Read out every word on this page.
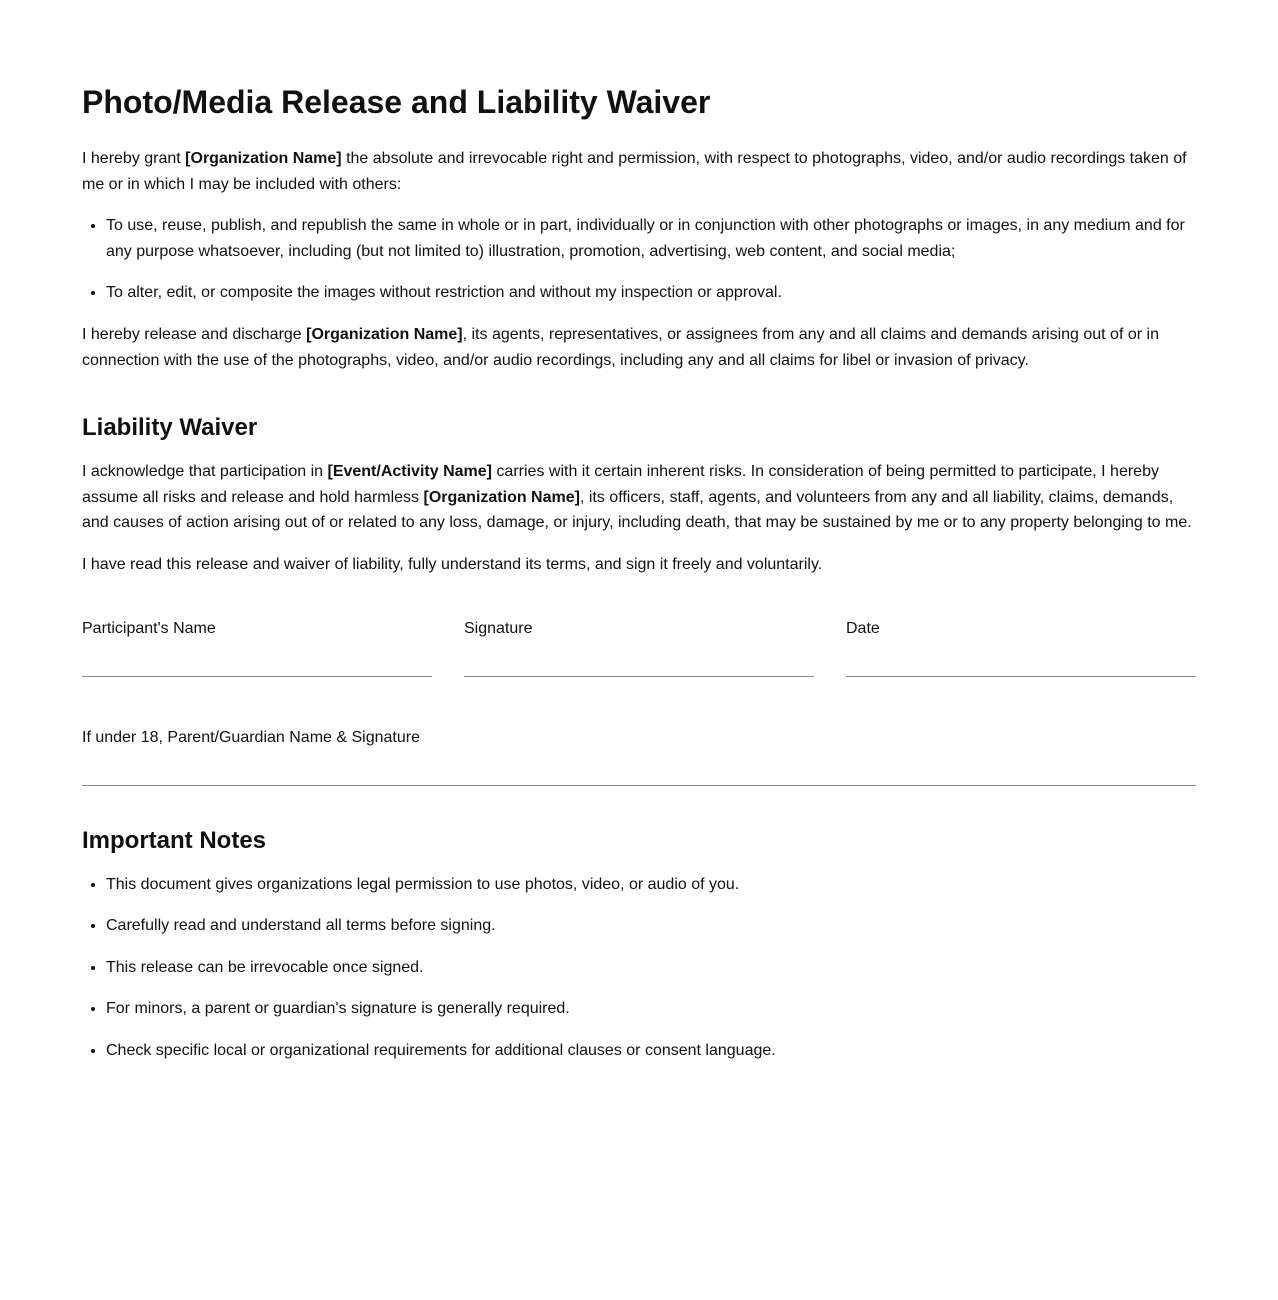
Photo/Media Release and Liability Waiver

I hereby grant [Organization Name] the absolute and irrevocable right and permission, with respect to photographs, video, and/or audio recordings taken of me or in which I may be included with others:

• To use, reuse, publish, and republish the same in whole or in part, individually or in conjunction with other photographs or images, in any medium and for any purpose whatsoever, including (but not limited to) illustration, promotion, advertising, web content, and social media;
• To alter, edit, or composite the images without restriction and without my inspection or approval.

I hereby release and discharge [Organization Name], its agents, representatives, or assignees from any and all claims and demands arising out of or in connection with the use of the photographs, video, and/or audio recordings, including any and all claims for libel or invasion of privacy.

Liability Waiver

I acknowledge that participation in [Event/Activity Name] carries with it certain inherent risks. In consideration of being permitted to participate, I hereby assume all risks and release and hold harmless [Organization Name], its officers, staff, agents, and volunteers from any and all liability, claims, demands, and causes of action arising out of or related to any loss, damage, or injury, including death, that may be sustained by me or to any property belonging to me.

I have read this release and waiver of liability, fully understand its terms, and sign it freely and voluntarily.

Participant's Name	Signature	Date
If under 18, Parent/Guardian Name & Signature
Important Notes
• This document gives organizations legal permission to use photos, video, or audio of you.
• Carefully read and understand all terms before signing.
• This release can be irrevocable once signed.
• For minors, a parent or guardian's signature is generally required.
• Check specific local or organizational requirements for additional clauses or consent language.
